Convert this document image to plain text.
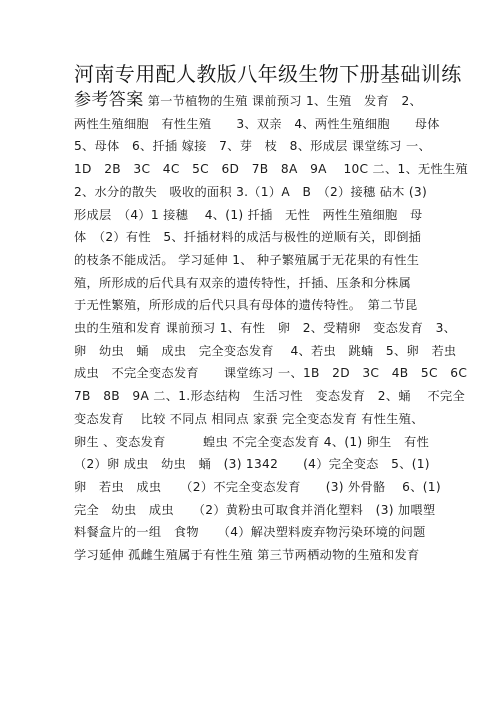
河南专用配人教版八年级生物下册基础训练

参考答案 第一节植物的生殖 课前预习 1、生殖　发育　2、
两性生殖细胞　有性生殖　　3、双亲　4、两性生殖细胞　　母体
5、母体　6、扦插 嫁接　7、芽　枝　8、形成层 课堂练习 一、
1D　2B　3C　4C　5C　6D　7B　8A　9A　 10C 二、1、无性生殖
2、水分的散失　吸收的面积 3.（1）A　B　（2）接穗 砧木 (3)
形成层　（4）1 接穗　 4、(1) 扦插　无性　两性生殖细胞　母
体　（2）有性　5、扦插材料的成活与极性的逆顺有关，即倒插
的枝条不能成活。 学习延伸 1、 种子繁殖属于无花果的有性生
殖，所形成的后代具有双亲的遗传特性，扦插、压条和分株属
于无性繁殖，所形成的后代只具有母体的遗传特性。　第二节昆
虫的生殖和发育 课前预习 1、有性　卵　2、受精卵　变态发育　3、
卵　幼虫　蛹　成虫　完全变态发育　 4、若虫　跳蝻　5、卵　若虫
成虫　不完全变态发育　　课堂练习 一、1B　2D　3C　4B　5C　6C
7B　8B　9A 二、1.形态结构　生活习性　变态发育　2、蛹　 不完全
变态发育　 比较 不同点 相同点 家蚕 完全变态发育 有性生殖、
卵生 、变态发育　　　蝗虫 不完全变态发育 4、(1) 卵生　有性
（2）卵 成虫　幼虫　蛹　(3) 1342　　(4）完全变态　5、(1)
卵　若虫　成虫　　（2）不完全变态发育　　(3) 外骨骼　 6、(1)
完全　幼虫　成虫　　（2）黄粉虫可取食并消化塑料　(3) 加喂塑
料餐盒片的一组　食物　　（4）解决塑料废弃物污染环境的问题
学习延伸 孤雌生殖属于有性生殖 第三节两栖动物的生殖和发育
